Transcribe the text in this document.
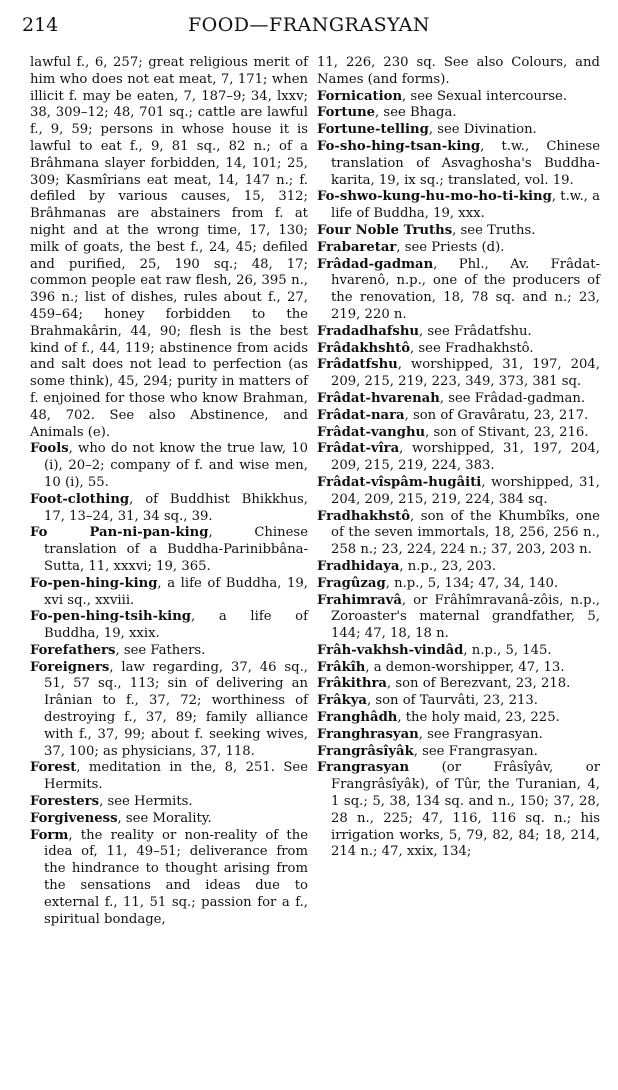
214	FOOD—FRANGRASYAN

lawful f., 6, 257; great religious merit of him who does not eat meat, 7, 171; when illicit f. may be eaten, 7, 187–9; 34, lxxv; 38, 309–12; 48, 701 sq.; cattle are lawful f., 9, 59; persons in whose house it is lawful to eat f., 9, 81 sq., 82 n.; of a Brâhmana slayer forbidden, 14, 101; 25, 309; Kasmîrians eat meat, 14, 147 n.; f. defiled by various causes, 15, 312; Brâhmanas are abstainers from f. at night and at the wrong time, 17, 130; milk of goats, the best f., 24, 45; defiled and purified, 25, 190 sq.; 48, 17; common people eat raw flesh, 26, 395 n., 396 n.; list of dishes, rules about f., 27, 459–64; honey forbidden to the Brahmakârin, 44, 90; flesh is the best kind of f., 44, 119; abstinence from acids and salt does not lead to perfection (as some think), 45, 294; purity in matters of f. enjoined for those who know Brahman, 48, 702. See also Abstinence, and Animals (e).

Fools, who do not know the true law, 10 (i), 20–2; company of f. and wise men, 10 (i), 55.

Foot-clothing, of Buddhist Bhikkhus, 17, 13–24, 31, 34 sq., 39.

Fo Pan-ni-pan-king, Chinese translation of a Buddha-Parinibbâna-Sutta, 11, xxxvi; 19, 365.

Fo-pen-hing-king, a life of Buddha, 19, xvi sq., xxviii.

Fo-pen-hing-tsih-king, a life of Buddha, 19, xxix.

Forefathers, see Fathers.

Foreigners, law regarding, 37, 46 sq., 51, 57 sq., 113; sin of delivering an Irânian to f., 37, 72; worthiness of destroying f., 37, 89; family alliance with f., 37, 99; about f. seeking wives, 37, 100; as physicians, 37, 118.

Forest, meditation in the, 8, 251. See Hermits.

Foresters, see Hermits.

Forgiveness, see Morality.

Form, the reality or non-reality of the idea of, 11, 49–51; deliverance from the hindrance to thought arising from the sensations and ideas due to external f., 11, 51 sq.; passion for a f., spiritual bondage,

11, 226, 230 sq. See also Colours, and Names (and forms).

Fornication, see Sexual intercourse.

Fortune, see Bhaga.

Fortune-telling, see Divination.

Fo-sho-hing-tsan-king, t.w., Chinese translation of Asvaghosha's Buddha-karita, 19, ix sq.; translated, vol. 19.

Fo-shwo-kung-hu-mo-ho-ti-king, t.w., a life of Buddha, 19, xxx.

Four Noble Truths, see Truths.

Frabaretar, see Priests (d).

Frâdad-gadman, Phl., Av. Frâdat-hvarenô, n.p., one of the producers of the renovation, 18, 78 sq. and n.; 23, 219, 220 n.

Fradadhafshu, see Frâdatfshu.

Frâdakhshtô, see Fradhakhstô.

Frâdatfshu, worshipped, 31, 197, 204, 209, 215, 219, 223, 349, 373, 381 sq.

Frâdat-hvarenah, see Frâdad-gadman.

Frâdat-nara, son of Gravâratu, 23, 217.

Frâdat-vanghu, son of Stivant, 23, 216.

Frâdat-vîra, worshipped, 31, 197, 204, 209, 215, 219, 224, 383.

Frâdat-vîspâm-hugâiti, worshipped, 31, 204, 209, 215, 219, 224, 384 sq.

Fradhakhstô, son of the Khumbîks, one of the seven immortals, 18, 256, 256 n., 258 n.; 23, 224, 224 n.; 37, 203, 203 n.

Fradhidaya, n.p., 23, 203.

Fragûzag, n.p., 5, 134; 47, 34, 140.

Frahimravâ, or Frâhîmravanâ-zôis, n.p., Zoroaster's maternal grandfather, 5, 144; 47, 18, 18 n.

Frâh-vakhsh-vindâd, n.p., 5, 145.

Frâkîh, a demon-worshipper, 47, 13.

Frâkithra, son of Berezvant, 23, 218.

Frâkya, son of Taurvâti, 23, 213.

Franghâdh, the holy maid, 23, 225.

Franghrasyan, see Frangrasyan.

Frangrâsîyâk, see Frangrasyan.

Frangrasyan (or Frâsîyâv, or Frangrâsîyâk), of Tûr, the Turanian, 4, 1 sq.; 5, 38, 134 sq. and n., 150; 37, 28, 28 n., 225; 47, 116, 116 sq. n.; his irrigation works, 5, 79, 82, 84; 18, 214, 214 n.; 47, xxix, 134;
